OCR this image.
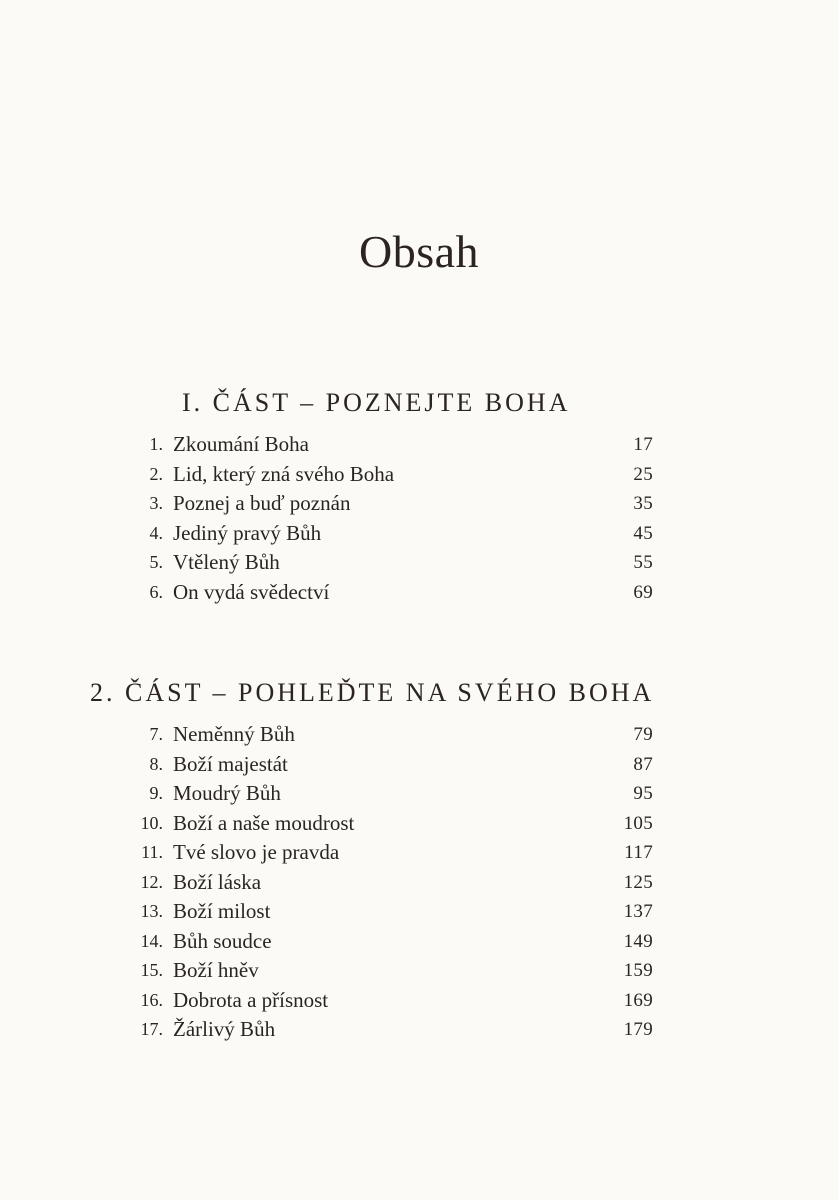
Obsah
I. ČÁST – POZNEJTE BOHA
1. Zkoumání Boha	17
2. Lid, který zná svého Boha	25
3. Poznej a buď poznán	35
4. Jediný pravý Bůh	45
5. Vtělený Bůh	55
6. On vydá svědectví	69
2. ČÁST – POHLEĎTE NA SVÉHO BOHA
7. Neměnný Bůh	79
8. Boží majestát	87
9. Moudrý Bůh	95
10. Boží a naše moudrost	105
11. Tvé slovo je pravda	117
12. Boží láska	125
13. Boží milost	137
14. Bůh soudce	149
15. Boží hněv	159
16. Dobrota a přísnost	169
17. Žárlivý Bůh	179
